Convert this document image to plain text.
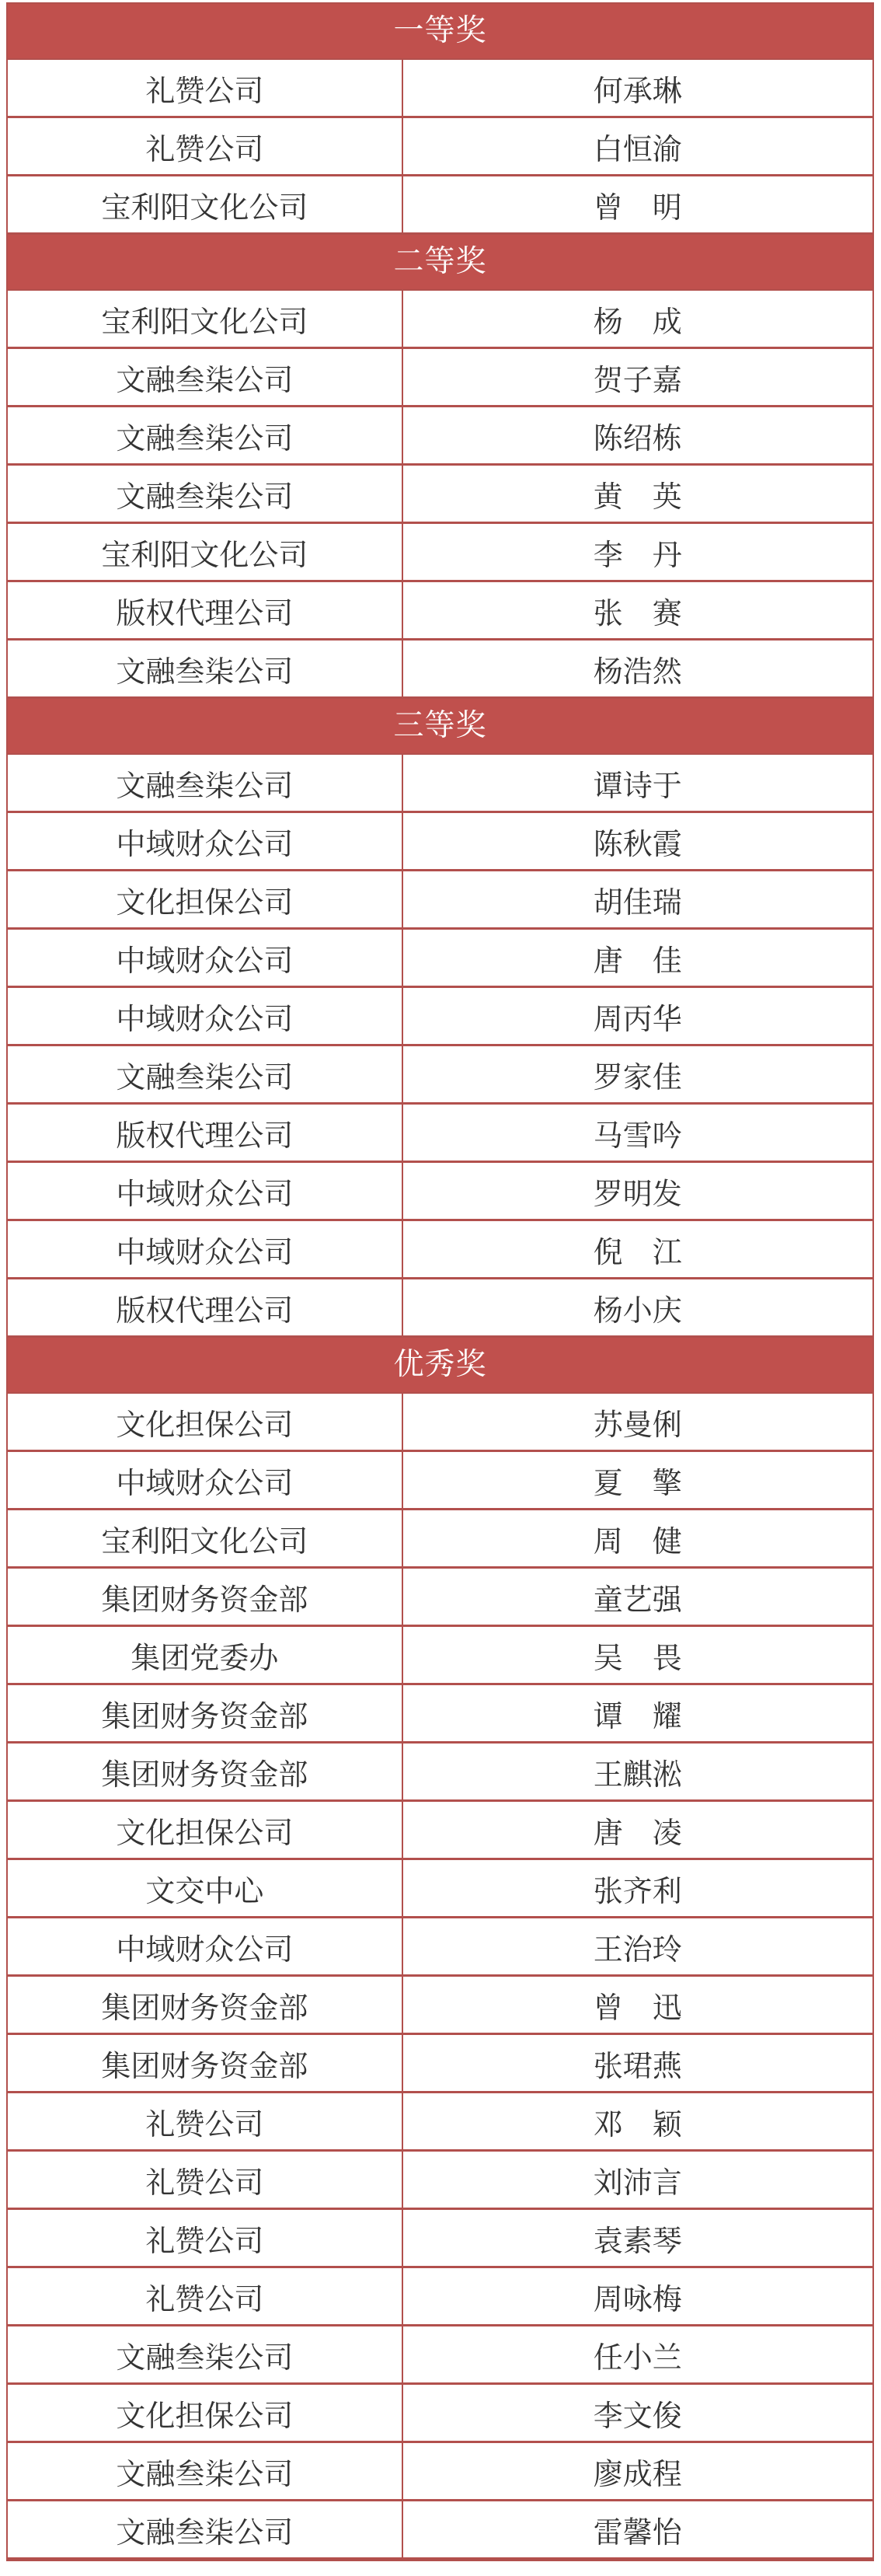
一等奖
礼赞公司	何承琳
礼赞公司	白恒渝
宝利阳文化公司	曾　明
二等奖
宝利阳文化公司	杨　成
文融叁柒公司	贺子嘉
文融叁柒公司	陈绍栋
文融叁柒公司	黄　英
宝利阳文化公司	李　丹
版权代理公司	张　赛
文融叁柒公司	杨浩然
三等奖
文融叁柒公司	谭诗于
中域财众公司	陈秋霞
文化担保公司	胡佳瑞
中域财众公司	唐　佳
中域财众公司	周丙华
文融叁柒公司	罗家佳
版权代理公司	马雪吟
中域财众公司	罗明发
中域财众公司	倪　江
版权代理公司	杨小庆
优秀奖
文化担保公司	苏曼俐
中域财众公司	夏　擎
宝利阳文化公司	周　健
集团财务资金部	童艺强
集团党委办	吴　畏
集团财务资金部	谭　耀
集团财务资金部	王麒淞
文化担保公司	唐　凌
文交中心	张齐利
中域财众公司	王治玲
集团财务资金部	曾　迅
集团财务资金部	张珺燕
礼赞公司	邓　颖
礼赞公司	刘沛言
礼赞公司	袁素琴
礼赞公司	周咏梅
文融叁柒公司	任小兰
文化担保公司	李文俊
文融叁柒公司	廖成程
文融叁柒公司	雷馨怡
